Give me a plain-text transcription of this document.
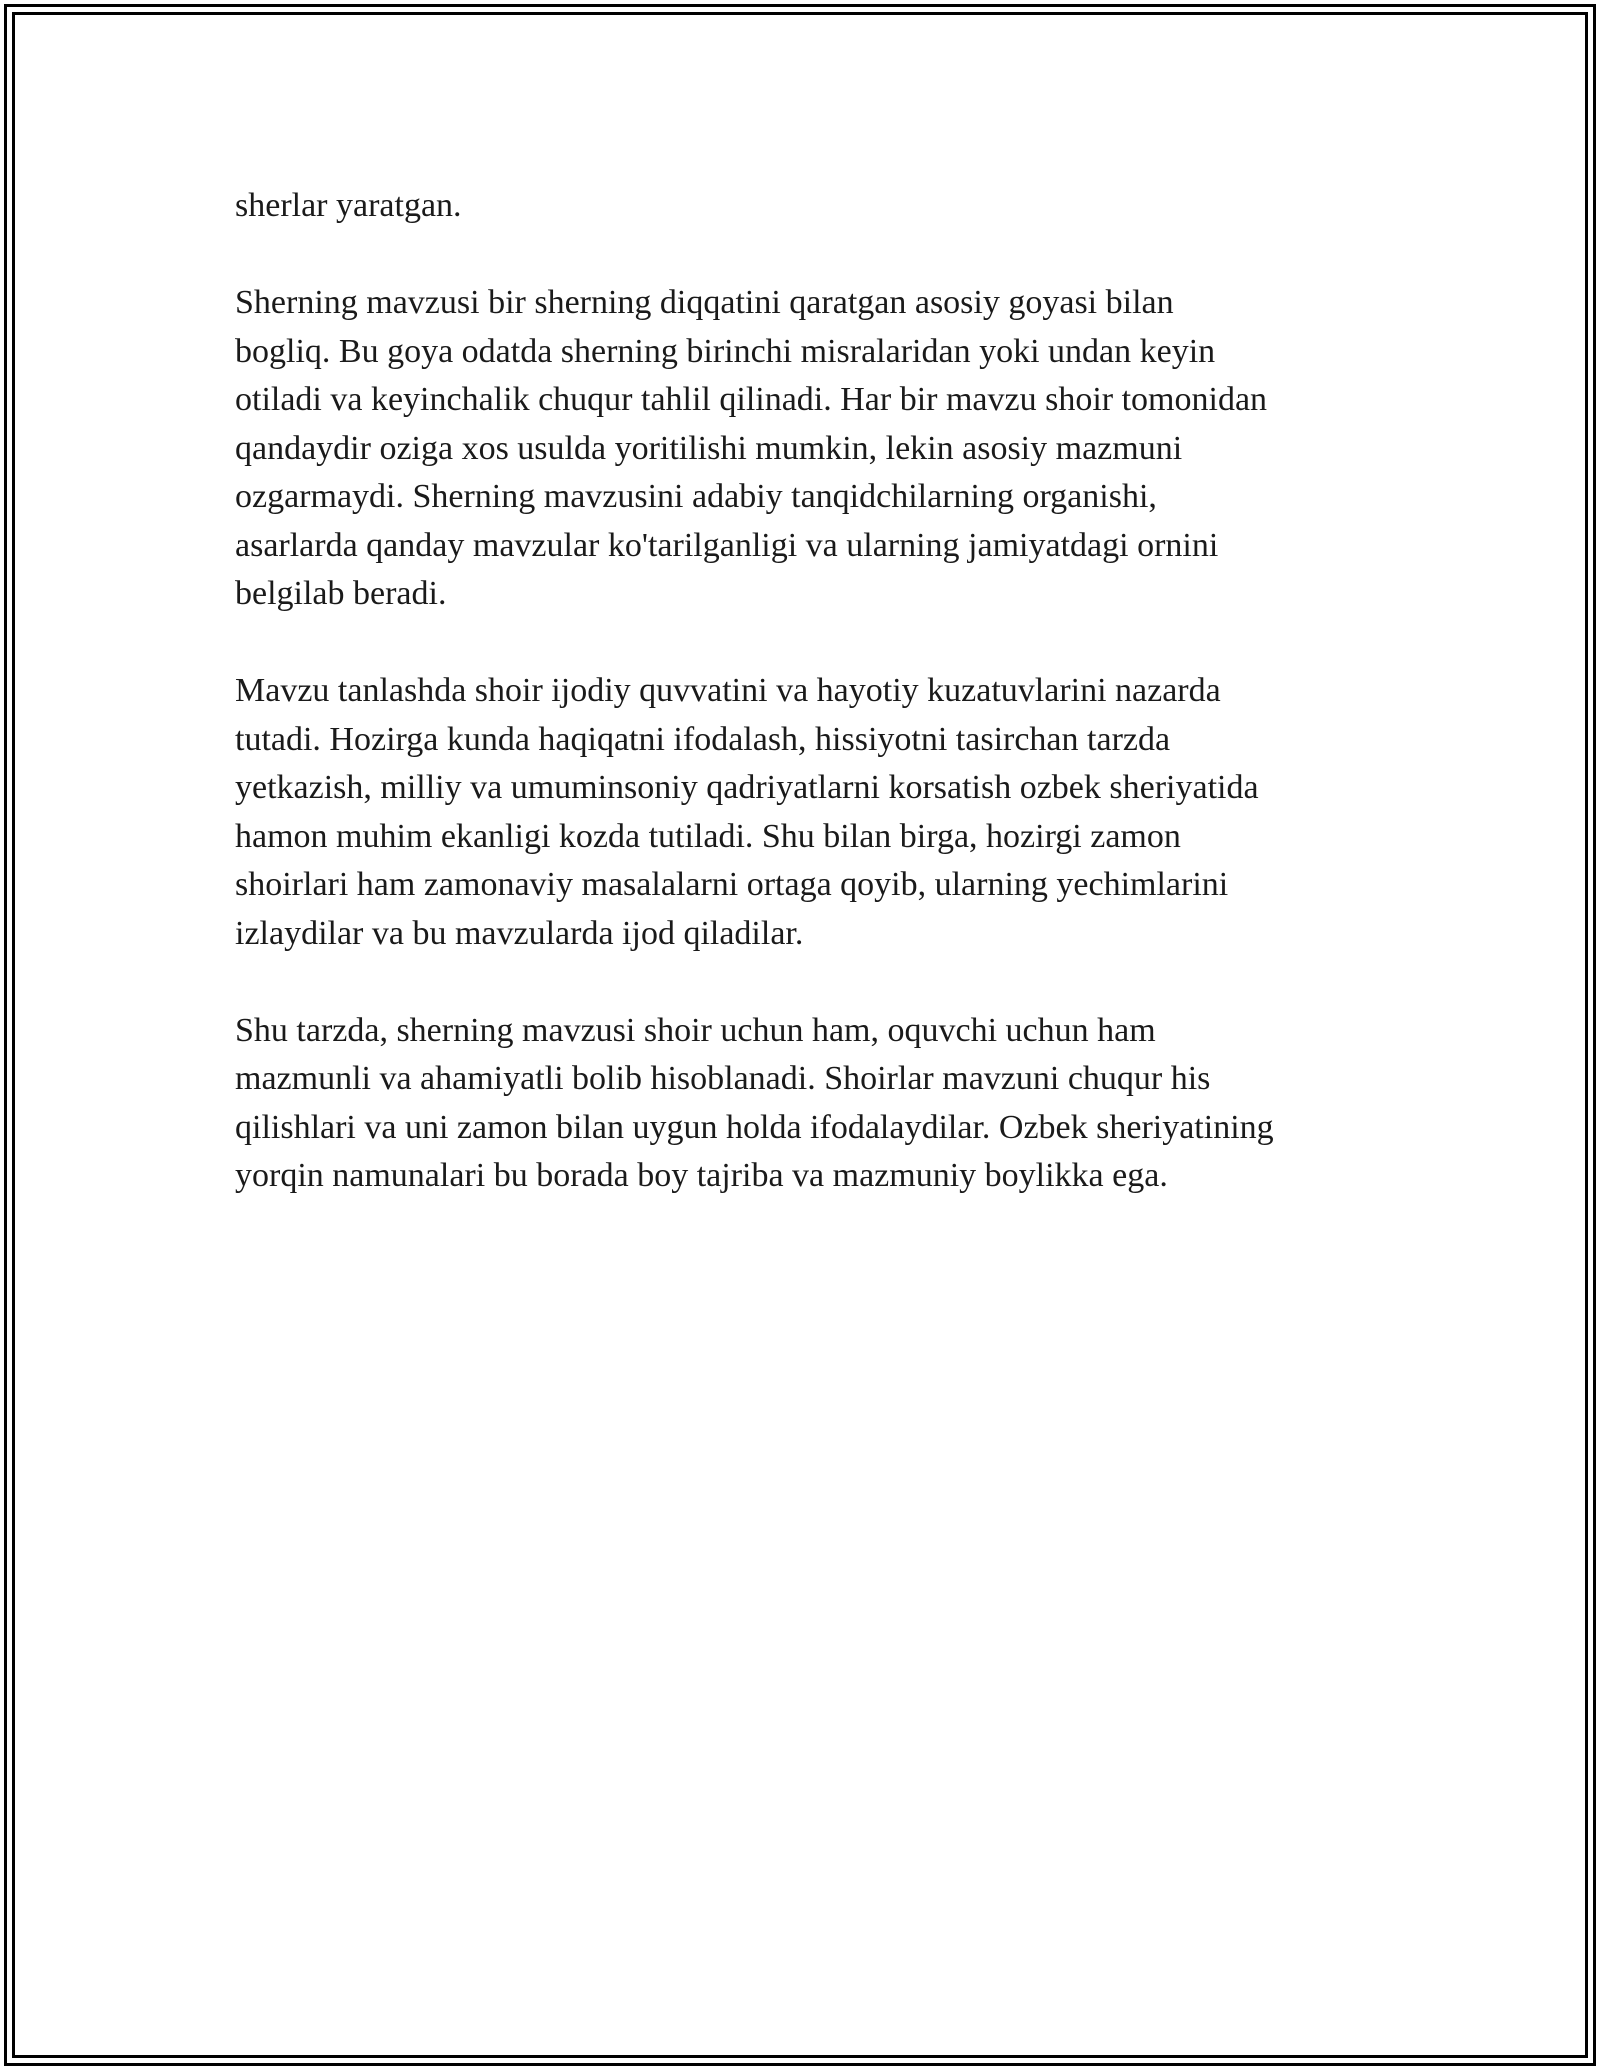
sherlar yaratgan.

Sherning mavzusi bir sherning diqqatini qaratgan asosiy goyasi bilan
bogliq. Bu goya odatda sherning birinchi misralaridan yoki undan keyin
otiladi va keyinchalik chuqur tahlil qilinadi. Har bir mavzu shoir tomonidan
qandaydir oziga xos usulda yoritilishi mumkin, lekin asosiy mazmuni
ozgarmaydi. Sherning mavzusini adabiy tanqidchilarning organishi,
asarlarda qanday mavzular ko'tarilganligi va ularning jamiyatdagi ornini
belgilab beradi.

Mavzu tanlashda shoir ijodiy quvvatini va hayotiy kuzatuvlarini nazarda
tutadi. Hozirga kunda haqiqatni ifodalash, hissiyotni tasirchan tarzda
yetkazish, milliy va umuminsoniy qadriyatlarni korsatish ozbek sheriyatida
hamon muhim ekanligi kozda tutiladi. Shu bilan birga, hozirgi zamon
shoirlari ham zamonaviy masalalarni ortaga qoyib, ularning yechimlarini
izlaydilar va bu mavzularda ijod qiladilar.

Shu tarzda, sherning mavzusi shoir uchun ham, oquvchi uchun ham
mazmunli va ahamiyatli bolib hisoblanadi. Shoirlar mavzuni chuqur his
qilishlari va uni zamon bilan uygun holda ifodalaydilar. Ozbek sheriyatining
yorqin namunalari bu borada boy tajriba va mazmuniy boylikka ega.
